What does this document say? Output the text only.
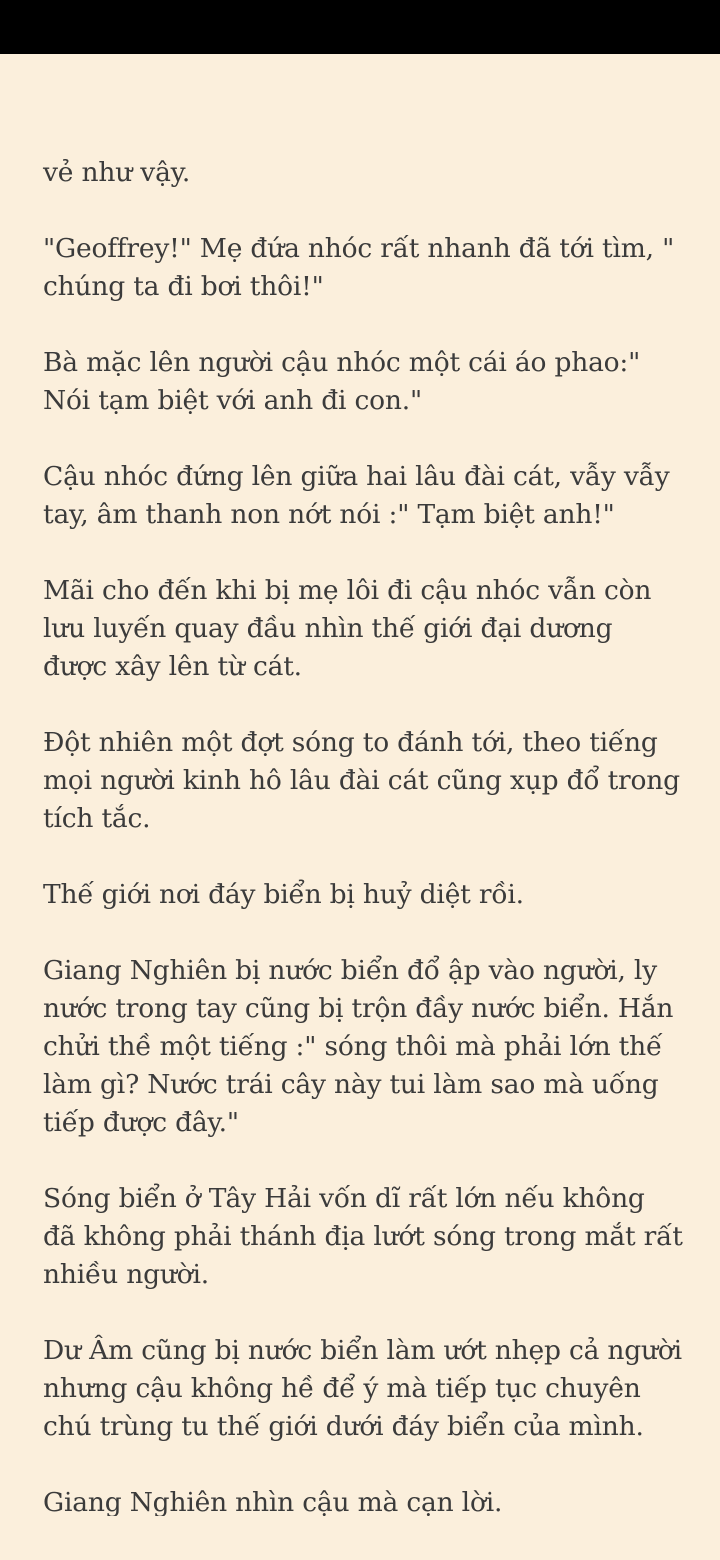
vẻ như vậy.

"Geoffrey!" Mẹ đứa nhóc rất nhanh đã tới tìm, " chúng ta đi bơi thôi!"

Bà mặc lên người cậu nhóc một cái áo phao:" Nói tạm biệt với anh đi con."

Cậu nhóc đứng lên giữa hai lâu đài cát, vẫy vẫy tay, âm thanh non nớt nói :" Tạm biệt anh!"

Mãi cho đến khi bị mẹ lôi đi cậu nhóc vẫn còn lưu luyến quay đầu nhìn thế giới đại dương được xây lên từ cát.

Đột nhiên một đợt sóng to đánh tới, theo tiếng mọi người kinh hô lâu đài cát cũng xụp đổ trong tích tắc.

Thế giới nơi đáy biển bị huỷ diệt rồi.

Giang Nghiên bị nước biển đổ ập vào người, ly nước trong tay cũng bị trộn đầy nước biển. Hắn chửi thề một tiếng :" sóng thôi mà phải lớn thế làm gì? Nước trái cây này tui làm sao mà uống tiếp được đây."

Sóng biển ở Tây Hải vốn dĩ rất lớn nếu không đã không phải thánh địa lướt sóng trong mắt rất nhiều người.

Dư Âm cũng bị nước biển làm ướt nhẹp cả người nhưng cậu không hề để ý mà tiếp tục chuyên chú trùng tu thế giới dưới đáy biển của mình.

Giang Nghiên nhìn cậu mà cạn lời.
